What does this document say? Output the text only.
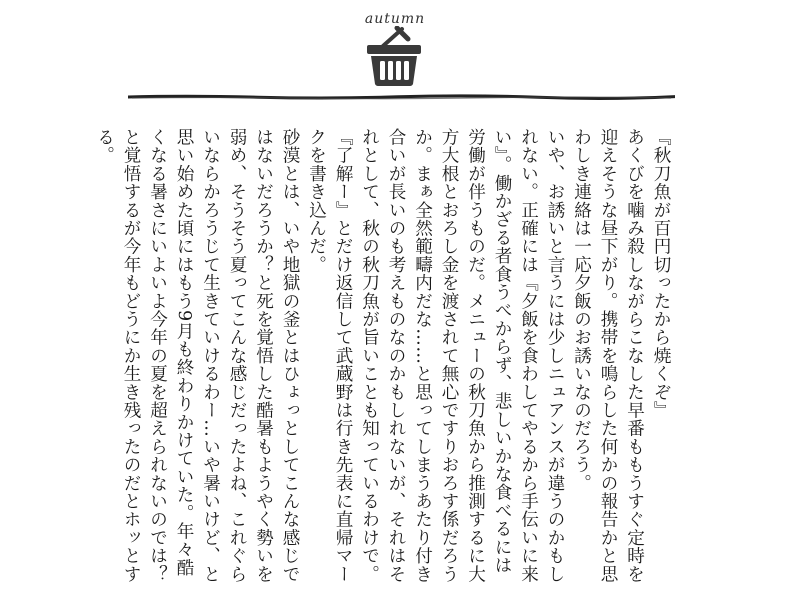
autumn

『秋刀魚が百円切ったから焼くぞ』

あくびを噛み殺しながらこなした早番ももうすぐ定時を迎えそうな昼下がり。携帯を鳴らした何かの報告かと思わしき連絡は一応夕飯のお誘いなのだろう。

いや、お誘いと言うには少しニュアンスが違うのかもしれない。正確には『夕飯を食わしてやるから手伝いに来い』。働かざる者食うべからず、悲しいかな食べるには労働が伴うものだ。メニューの秋刀魚から推測するに大方大根とおろし金を渡されて無心ですりおろす係だろうか。まぁ全然範疇内だな……と思ってしまうあたり付き合いが長いのも考えものなのかもしれないが、それはそれとして、秋の秋刀魚が旨いことも知っているわけで。『了解ー』とだけ返信して武蔵野は行き先表に直帰マークを書き込んだ。

砂漠とは、いや地獄の釜とはひょっとしてこんな感じではないだろうか？と死を覚悟した酷暑もようやく勢いを弱め、そうそう夏ってこんな感じだったよね、これぐらいならかろうじて生きていけるわー…いや暑いけど、と思い始めた頃にはもう9月も終わりかけていた。年々酷くなる暑さにいよいよ今年の夏を超えられないのでは？と覚悟するが今年もどうにか生き残ったのだとホッとする。
